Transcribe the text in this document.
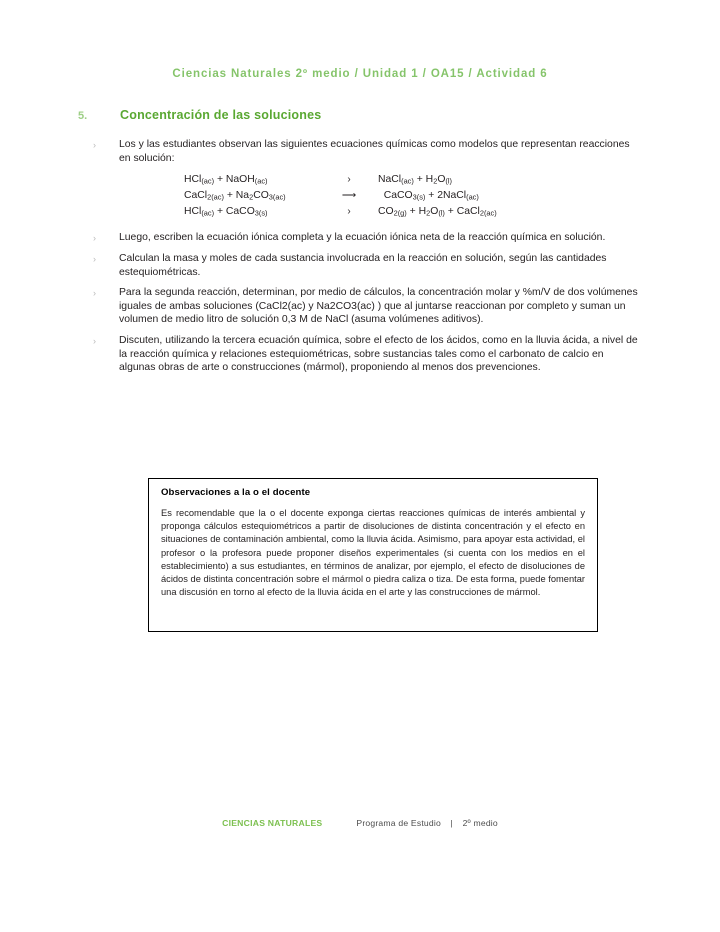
Ciencias Naturales 2º medio / Unidad 1 / OA15 / Actividad 6
5.	Concentración de las soluciones
›	Los y las estudiantes observan las siguientes ecuaciones químicas como modelos que representan reacciones en solución:
HCl$_{(ac)}$ + NaOH$_{(ac)}$	›	NaCl$_{(ac)}$ + $H_2O_{(l)}$
CaCl$_{2(ac)}$ + $Na_2CO_{3(ac)}$	⟶	CaCO$_{3(s)}$ + 2NaCl$_{(ac)}$
HCl$_{(ac)}$ + CaCO$_{3(s)}$	›	$CO_{2(g)} + H_2O_{(l)}$ + CaCl$_{2(ac)}$
›	Luego, escriben la ecuación iónica completa y la ecuación iónica neta de la reacción química en solución.
›	Calculan la masa y moles de cada sustancia involucrada en la reacción en solución, según las cantidades estequiométricas.
›	Para la segunda reacción, determinan, por medio de cálculos, la concentración molar y %m/V de dos volúmenes iguales de ambas soluciones (CaCl2(ac) y Na2CO3(ac) ) que al juntarse reaccionan por completo y suman un volumen de medio litro de solución 0,3 M de NaCl (asuma volúmenes aditivos).
›	Discuten, utilizando la tercera ecuación química, sobre el efecto de los ácidos, como en la lluvia ácida, a nivel de la reacción química y relaciones estequiométricas, sobre sustancias tales como el carbonato de calcio en algunas obras de arte o construcciones (mármol), proponiendo al menos dos prevenciones.
Observaciones a la o el docente
Es recomendable que la o el docente exponga ciertas reacciones químicas de interés ambiental y proponga cálculos estequiométricos a partir de disoluciones de distinta concentración y el efecto en situaciones de contaminación ambiental, como la lluvia ácida. Asimismo, para apoyar esta actividad, el profesor o la profesora puede proponer diseños experimentales (si cuenta con los medios en el establecimiento) a sus estudiantes, en términos de analizar, por ejemplo, el efecto de disoluciones de ácidos de distinta concentración sobre el mármol o piedra caliza o tiza. De esta forma, puede fomentar una discusión en torno al efecto de la lluvia ácida en el arte y las construcciones de mármol.
CIENCIAS NATURALES	Programa de Estudio | 2º medio
